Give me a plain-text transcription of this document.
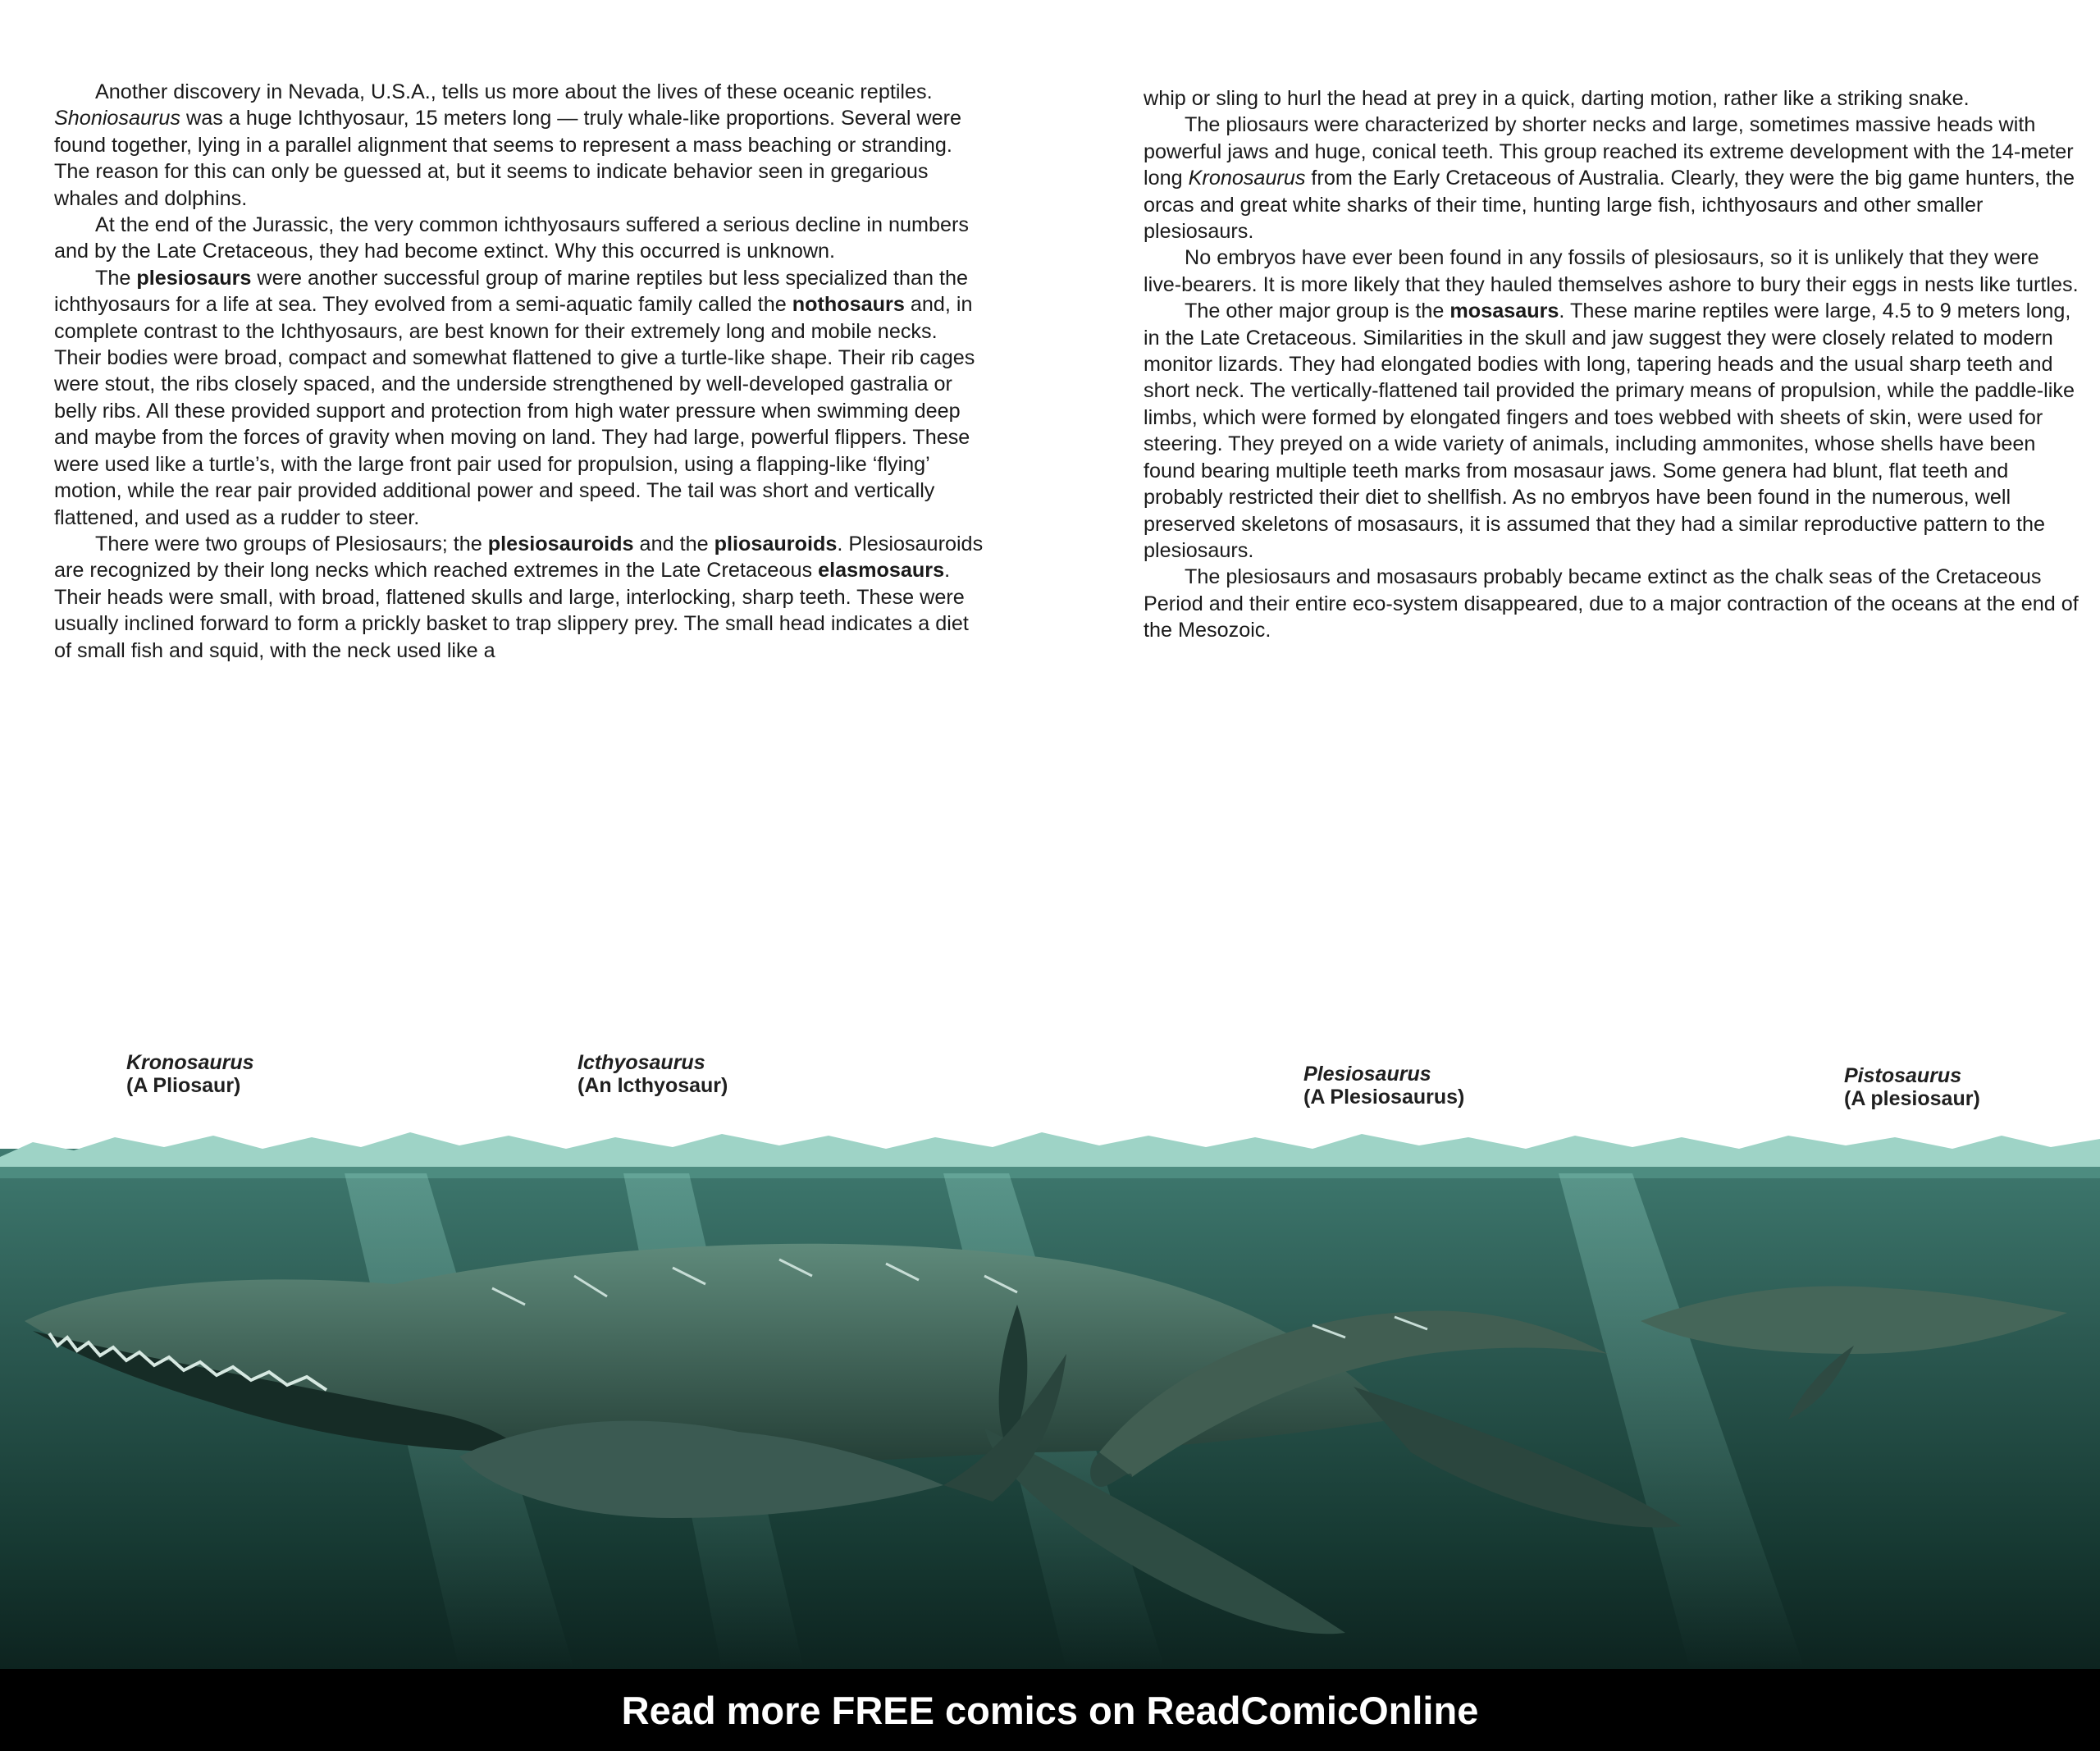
Another discovery in Nevada, U.S.A., tells us more about the lives of these oceanic reptiles.
Shoniosaurus was a huge Ichthyosaur, 15 meters long — truly whale-like proportions. Several were found together, lying in a parallel alignment that seems to represent a mass beaching or stranding. The reason for this can only be guessed at, but it seems to indicate behavior seen in gregarious whales and dolphins.

At the end of the Jurassic, the very common ichthyosaurs suffered a serious decline in numbers and by the Late Cretaceous, they had become extinct. Why this occurred is unknown.

The plesiosaurs were another successful group of marine reptiles but less specialized than the ichthyosaurs for a life at sea. They evolved from a semi-aquatic family called the nothosaurs and, in complete contrast to the Ichthyosaurs, are best known for their extremely long and mobile necks. Their bodies were broad, compact and somewhat flattened to give a turtle-like shape. Their rib cages were stout, the ribs closely spaced, and the underside strengthened by well-developed gastralia or belly ribs. All these provided support and protection from high water pressure when swimming deep and maybe from the forces of gravity when moving on land. They had large, powerful flippers. These were used like a turtle’s, with the large front pair used for propulsion, using a flapping-like ‘flying’ motion, while the rear pair provided additional power and speed. The tail was short and vertically flattened, and used as a rudder to steer.

There were two groups of Plesiosaurs; the plesiosauroids and the pliosauroids. Plesiosauroids are recognized by their long necks which reached extremes in the Late Cretaceous elasmosaurs. Their heads were small, with broad, flattened skulls and large, interlocking, sharp teeth. These were usually inclined forward to form a prickly basket to trap slippery prey. The small head indicates a diet of small fish and squid, with the neck used like a

whip or sling to hurl the head at prey in a quick, darting motion, rather like a striking snake.

The pliosaurs were characterized by shorter necks and large, sometimes massive heads with powerful jaws and huge, conical teeth. This group reached its extreme development with the 14-meter long Kronosaurus from the Early Cretaceous of Australia. Clearly, they were the big game hunters, the orcas and great white sharks of their time, hunting large fish, ichthyosaurs and other smaller plesiosaurs.

No embryos have ever been found in any fossils of plesiosaurs, so it is unlikely that they were live-bearers. It is more likely that they hauled themselves ashore to bury their eggs in nests like turtles.

The other major group is the mosasaurs. These marine reptiles were large, 4.5 to 9 meters long, in the Late Cretaceous. Similarities in the skull and jaw suggest they were closely related to modern monitor lizards. They had elongated bodies with long, tapering heads and the usual sharp teeth and short neck. The vertically-flattened tail provided the primary means of propulsion, while the paddle-like limbs, which were formed by elongated fingers and toes webbed with sheets of skin, were used for steering. They preyed on a wide variety of animals, including ammonites, whose shells have been found bearing multiple teeth marks from mosasaur jaws. Some genera had blunt, flat teeth and probably restricted their diet to shellfish. As no embryos have been found in the numerous, well preserved skeletons of mosasaurs, it is assumed that they had a similar reproductive pattern to the plesiosaurs.

The plesiosaurs and mosasaurs probably became extinct as the chalk seas of the Cretaceous Period and their entire eco-system disappeared, due to a major contraction of the oceans at the end of the Mesozoic.

Kronosaurus
(A Pliosaur)
Icthyosaurus
(An Icthyosaur)	Plesiosaurus
(A Plesiosaurus)
Pistosaurus
(A plesiosaur)
Read more FREE comics on ReadComicOnline
